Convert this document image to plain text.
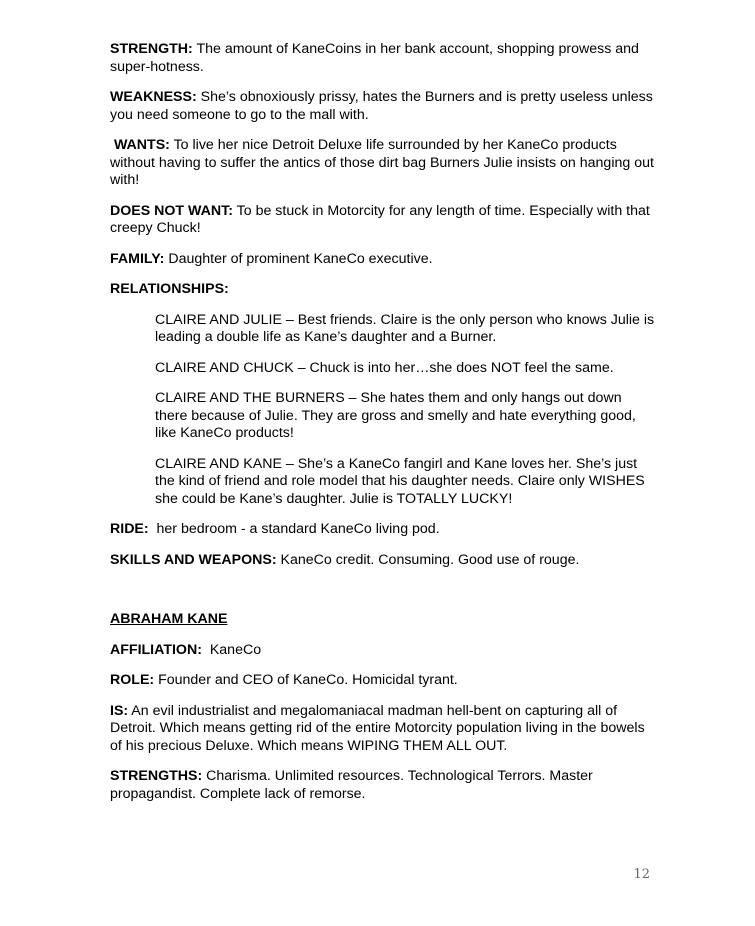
STRENGTH: The amount of KaneCoins in her bank account, shopping prowess and super-hotness.

WEAKNESS: She’s obnoxiously prissy, hates the Burners and is pretty useless unless you need someone to go to the mall with.

WANTS: To live her nice Detroit Deluxe life surrounded by her KaneCo products without having to suffer the antics of those dirt bag Burners Julie insists on hanging out with!

DOES NOT WANT: To be stuck in Motorcity for any length of time. Especially with that creepy Chuck!

FAMILY: Daughter of prominent KaneCo executive.

RELATIONSHIPS:

CLAIRE AND JULIE – Best friends. Claire is the only person who knows Julie is leading a double life as Kane’s daughter and a Burner.

CLAIRE AND CHUCK – Chuck is into her…she does NOT feel the same.

CLAIRE AND THE BURNERS – She hates them and only hangs out down there because of Julie. They are gross and smelly and hate everything good, like KaneCo products!

CLAIRE AND KANE – She’s a KaneCo fangirl and Kane loves her. She’s just the kind of friend and role model that his daughter needs. Claire only WISHES she could be Kane’s daughter. Julie is TOTALLY LUCKY!

RIDE:  her bedroom - a standard KaneCo living pod.

SKILLS AND WEAPONS: KaneCo credit. Consuming. Good use of rouge.

ABRAHAM KANE

AFFILIATION:  KaneCo

ROLE: Founder and CEO of KaneCo. Homicidal tyrant.

IS: An evil industrialist and megalomaniacal madman hell-bent on capturing all of Detroit. Which means getting rid of the entire Motorcity population living in the bowels of his precious Deluxe. Which means WIPING THEM ALL OUT.

STRENGTHS: Charisma. Unlimited resources. Technological Terrors. Master propagandist. Complete lack of remorse.

12
